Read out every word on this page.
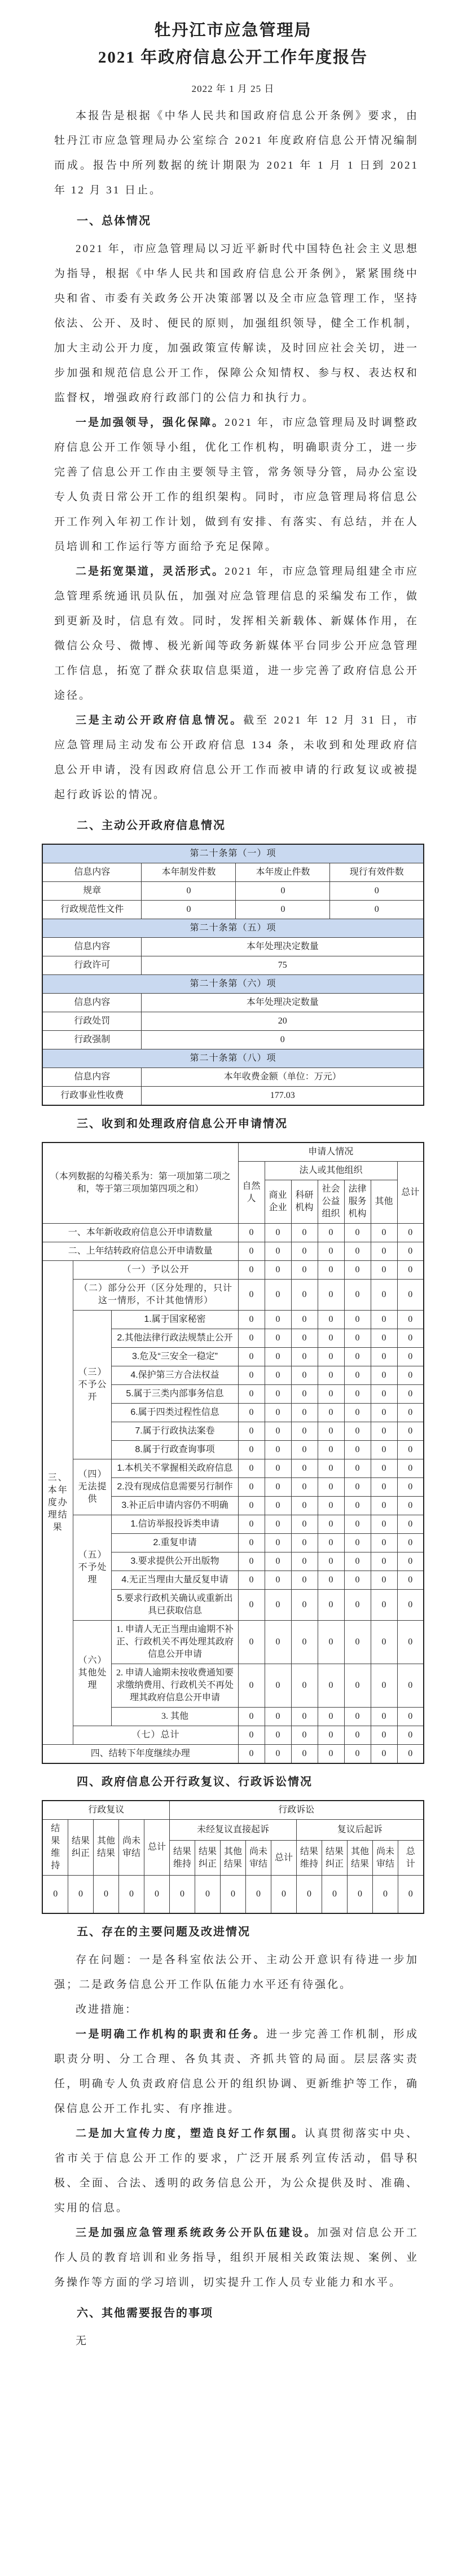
牡丹江市应急管理局
2021 年政府信息公开工作年度报告
2022 年 1 月 25 日

本报告是根据《中华人民共和国政府信息公开条例》要求，由牡丹江市应急管理局办公室综合 2021 年度政府信息公开情况编制而成。报告中所列数据的统计期限为 2021 年 1 月 1 日到 2021 年 12 月 31 日止。

一、总体情况

2021 年，市应急管理局以习近平新时代中国特色社会主义思想为指导，根据《中华人民共和国政府信息公开条例》，紧紧围绕中央和省、市委有关政务公开决策部署以及全市应急管理工作，坚持依法、公开、及时、便民的原则，加强组织领导，健全工作机制，加大主动公开力度，加强政策宣传解读，及时回应社会关切，进一步加强和规范信息公开工作，保障公众知情权、参与权、表达权和监督权，增强政府行政部门的公信力和执行力。

一是加强领导，强化保障。2021 年，市应急管理局及时调整政府信息公开工作领导小组，优化工作机构，明确职责分工，进一步完善了信息公开工作由主要领导主管，常务领导分管，局办公室设专人负责日常公开工作的组织架构。同时，市应急管理局将信息公开工作列入年初工作计划，做到有安排、有落实、有总结，并在人员培训和工作运行等方面给予充足保障。

二是拓宽渠道，灵活形式。2021 年，市应急管理局组建全市应急管理系统通讯员队伍，加强对应急管理信息的采编发布工作，做到更新及时，信息有效。同时，发挥相关新载体、新媒体作用，在微信公众号、微博、极光新闻等政务新媒体平台同步公开应急管理工作信息，拓宽了群众获取信息渠道，进一步完善了政府信息公开途径。

三是主动公开政府信息情况。截至 2021 年 12 月 31 日，市应急管理局主动发布公开政府信息 134 条，未收到和处理政府信息公开申请，没有因政府信息公开工作而被申请的行政复议或被提起行政诉讼的情况。

二、主动公开政府信息情况
第二十条第（一）项			
信息内容	本年制发件数	本年废止件数	现行有效件数
规章	0	0	0
行政规范性文件	0	0	0
第二十条第（五）项			
信息内容	本年处理决定数量		
行政许可	75		
第二十条第（六）项			
信息内容	本年处理决定数量		
行政处罚	20		
行政强制	0		
第二十条第（八）项			
信息内容	本年收费金额（单位：万元）		
行政事业性收费	177.03		
三、收到和处理政府信息公开申请情况
（本列数据的勾稽关系为：第一项加第二项之和，等于第三项加第四项之和）			申请人情况						
			自然人	法人或其他组织					总计
				商业企业	科研机构	社会公益组织	法律服务机构	其他	
一、本年新收政府信息公开申请数量			0	0	0	0	0	0	0
二、上年结转政府信息公开申请数量			0	0	0	0	0	0	0
三、本年度办理结果	（一）予以公开		0	0	0	0	0	0	0
	（二）部分公开（区分处理的，只计这一情形，不计其他情形）		0	0	0	0	0	0	0
	（三）不予公开	1.属于国家秘密	0	0	0	0	0	0	0
		2.其他法律行政法规禁止公开	0	0	0	0	0	0	0
		3.危及“三安全一稳定”	0	0	0	0	0	0	0
		4.保护第三方合法权益	0	0	0	0	0	0	0
		5.属于三类内部事务信息	0	0	0	0	0	0	0
		6.属于四类过程性信息	0	0	0	0	0	0	0
		7.属于行政执法案卷	0	0	0	0	0	0	0
		8.属于行政查询事项	0	0	0	0	0	0	0
	（四）无法提供	1.本机关不掌握相关政府信息	0	0	0	0	0	0	0
		2.没有现成信息需要另行制作	0	0	0	0	0	0	0
		3.补正后申请内容仍不明确	0	0	0	0	0	0	0
	（五）不予处理	1.信访举报投诉类申请	0	0	0	0	0	0	0
		2.重复申请	0	0	0	0	0	0	0
		3.要求提供公开出版物	0	0	0	0	0	0	0
		4.无正当理由大量反复申请	0	0	0	0	0	0	0
		5.要求行政机关确认或重新出具已获取信息	0	0	0	0	0	0	0
	（六）其他处理	1. 申请人无正当理由逾期不补正、行政机关不再处理其政府信息公开申请	0	0	0	0	0	0	0
		2. 申请人逾期未按收费通知要求缴纳费用、行政机关不再处理其政府信息公开申请	0	0	0	0	0	0	0
		3. 其他	0	0	0	0	0	0	0
	（七）总计		0	0	0	0	0	0	0
四、结转下年度继续办理			0	0	0	0	0	0	0
四、政府信息公开行政复议、行政诉讼情况
行政复议					行政诉讼									
结果维持	结果纠正	其他结果	尚未审结	总计	未经复议直接起诉					复议后起诉				
					结果维持	结果纠正	其他结果	尚未审结	总计	结果维持	结果纠正	其他结果	尚未审结	总计
0	0	0	0	0	0	0	0	0	0	0	0	0	0	0
五、存在的主要问题及改进情况

存在问题：一是各科室依法公开、主动公开意识有待进一步加强；二是政务信息公开工作队伍能力水平还有待强化。

改进措施：

一是明确工作机构的职责和任务。进一步完善工作机制，形成职责分明、分工合理、各负其责、齐抓共管的局面。层层落实责任，明确专人负责政府信息公开的组织协调、更新维护等工作，确保信息公开工作扎实、有序推进。

二是加大宣传力度，塑造良好工作氛围。认真贯彻落实中央、省市关于信息公开工作的要求，广泛开展系列宣传活动，倡导积极、全面、合法、透明的政务信息公开，为公众提供及时、准确、实用的信息。

三是加强应急管理系统政务公开队伍建设。加强对信息公开工作人员的教育培训和业务指导，组织开展相关政策法规、案例、业务操作等方面的学习培训，切实提升工作人员专业能力和水平。

六、其他需要报告的事项

无
